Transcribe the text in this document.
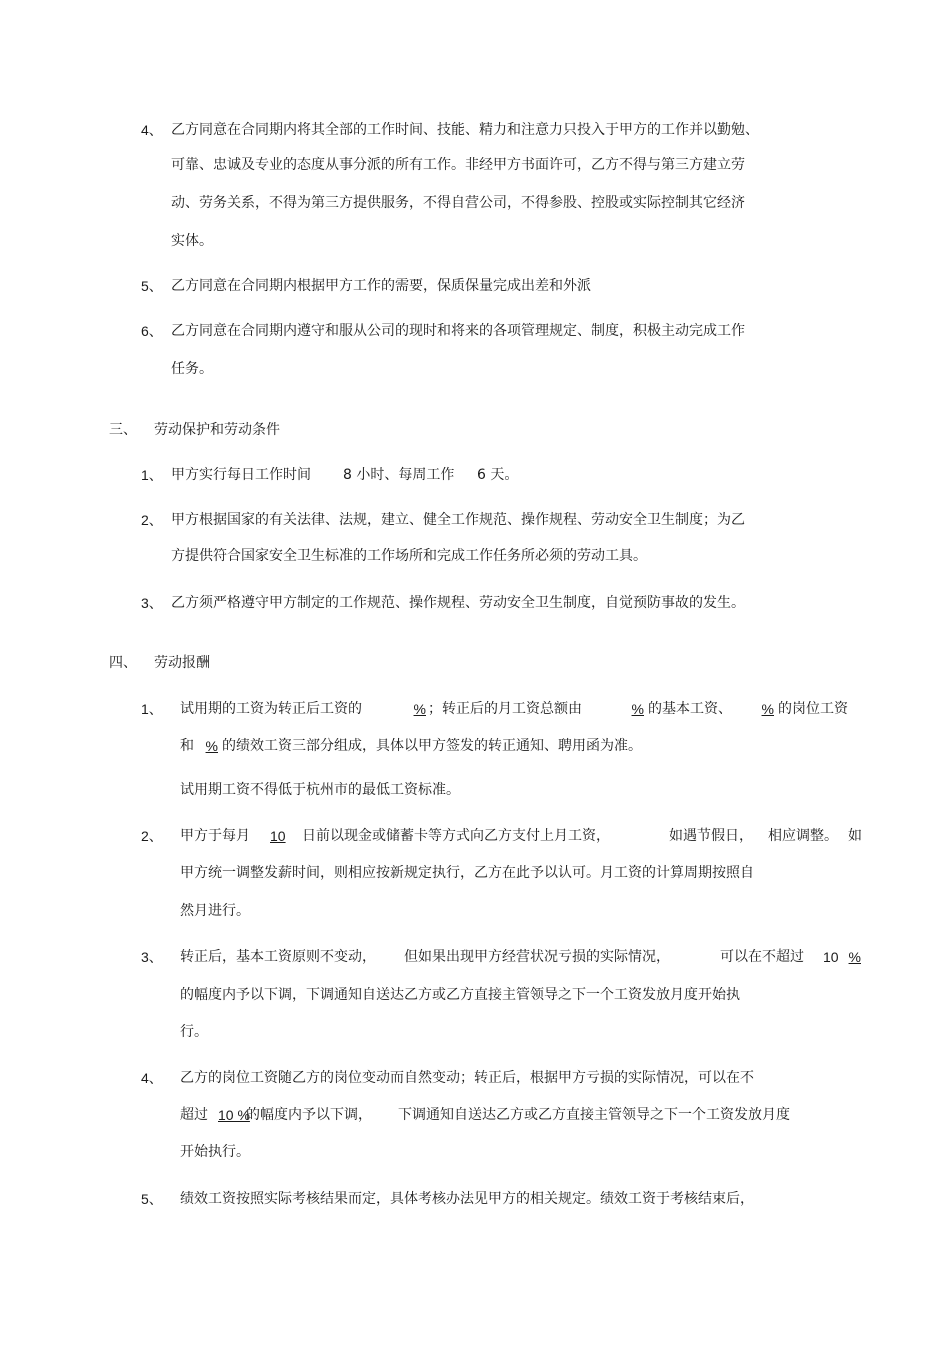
4、 乙方同意在合同期内将其全部的工作时间、技能、精力和注意力只投入于甲方的工作并以勤勉、
可靠、忠诚及专业的态度从事分派的所有工作。非经甲方书面许可，乙方不得与第三方建立劳
动、劳务关系，不得为第三方提供服务，不得自营公司，不得参股、控股或实际控制其它经济
实体。
5、 乙方同意在合同期内根据甲方工作的需要，保质保量完成出差和外派
6、 乙方同意在合同期内遵守和服从公司的现时和将来的各项管理规定、制度，积极主动完成工作
任务。
三、 劳动保护和劳动条件
1、 甲方实行每日工作时间 8 小时、每周工作 6 天。
2、 甲方根据国家的有关法律、法规，建立、健全工作规范、操作规程、劳动安全卫生制度；为乙
方提供符合国家安全卫生标准的工作场所和完成工作任务所必须的劳动工具。
3、 乙方须严格遵守甲方制定的工作规范、操作规程、劳动安全卫生制度，自觉预防事故的发生。
四、 劳动报酬
1、 试用期的工资为转正后工资的	% ；转正后的月工资总额由	% 的基本工资、	% 的岗位工资
和 % 的绩效工资三部分组成，具体以甲方签发的转正通知、聘用函为准。
试用期工资不得低于杭州市的最低工资标准。
2、 甲方于每月 10	日前以现金或储蓄卡等方式向乙方支付上月工资，	如遇节假日， 相应调整。 如
甲方统一调整发薪时间，则相应按新规定执行，乙方在此予以认可。月工资的计算周期按照自
然月进行。
3、 转正后，基本工资原则不变动， 但如果出现甲方经营状况亏损的实际情况，	可以在不超过 10 %
的幅度内予以下调，下调通知自送达乙方或乙方直接主管领导之下一个工资发放月度开始执
行。
4、 乙方的岗位工资随乙方的岗位变动而自然变动；转正后，根据甲方亏损的实际情况，可以在不
超过 10 %
的幅度内予以下调， 下调通知自送达乙方或乙方直接主管领导之下一个工资发放月度
开始执行。
5、 绩效工资按照实际考核结果而定，具体考核办法见甲方的相关规定。绩效工资于考核结束后，
